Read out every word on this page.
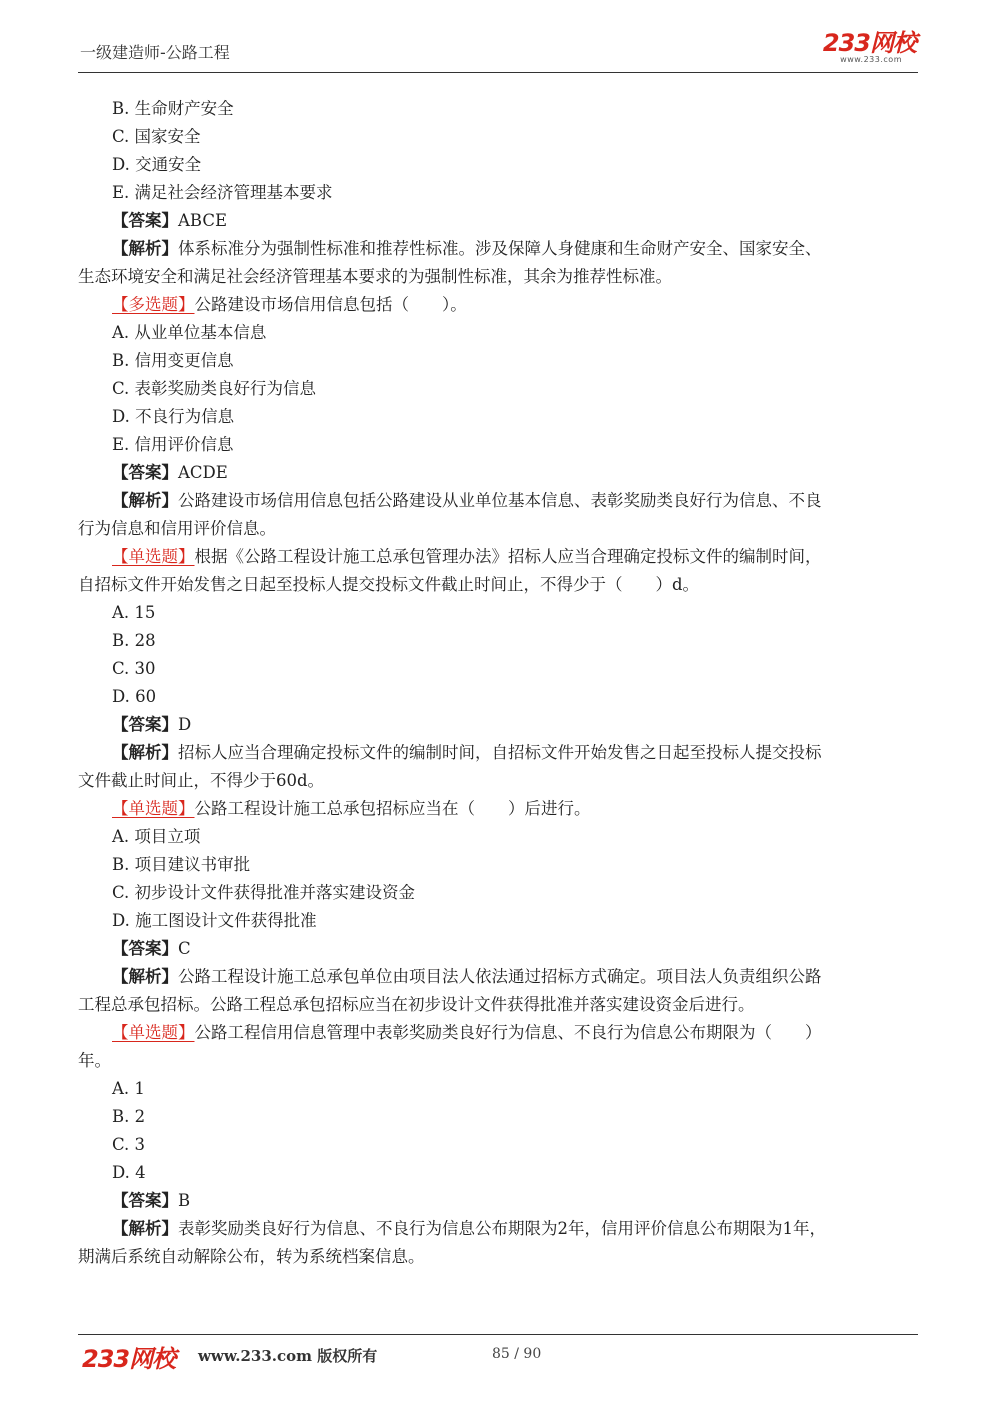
一级建造师-公路工程	233网校
www.233.com
B. 生命财产安全
C. 国家安全
D. 交通安全
E. 满足社会经济管理基本要求
【答案】ABCE
【解析】体系标准分为强制性标准和推荐性标准。涉及保障人身健康和生命财产安全、国家安全、
生态环境安全和满足社会经济管理基本要求的为强制性标准，其余为推荐性标准。
【多选题】公路建设市场信用信息包括（　　）。
A. 从业单位基本信息
B. 信用变更信息
C. 表彰奖励类良好行为信息
D. 不良行为信息
E. 信用评价信息
【答案】ACDE
【解析】公路建设市场信用信息包括公路建设从业单位基本信息、表彰奖励类良好行为信息、不良
行为信息和信用评价信息。
【单选题】根据《公路工程设计施工总承包管理办法》招标人应当合理确定投标文件的编制时间，
自招标文件开始发售之日起至投标人提交投标文件截止时间止，不得少于（　　）d。
A. 15
B. 28
C. 30
D. 60
【答案】D
【解析】招标人应当合理确定投标文件的编制时间，自招标文件开始发售之日起至投标人提交投标
文件截止时间止，不得少于60d。
【单选题】公路工程设计施工总承包招标应当在（　　）后进行。
A. 项目立项
B. 项目建议书审批
C. 初步设计文件获得批准并落实建设资金
D. 施工图设计文件获得批准
【答案】C
【解析】公路工程设计施工总承包单位由项目法人依法通过招标方式确定。项目法人负责组织公路
工程总承包招标。公路工程总承包招标应当在初步设计文件获得批准并落实建设资金后进行。
【单选题】公路工程信用信息管理中表彰奖励类良好行为信息、不良行为信息公布期限为（　　）
年。
A. 1
B. 2
C. 3
D. 4
【答案】B
【解析】表彰奖励类良好行为信息、不良行为信息公布期限为2年，信用评价信息公布期限为1年，
期满后系统自动解除公布，转为系统档案信息。
233网校 www.233.com 版权所有	85 / 90
